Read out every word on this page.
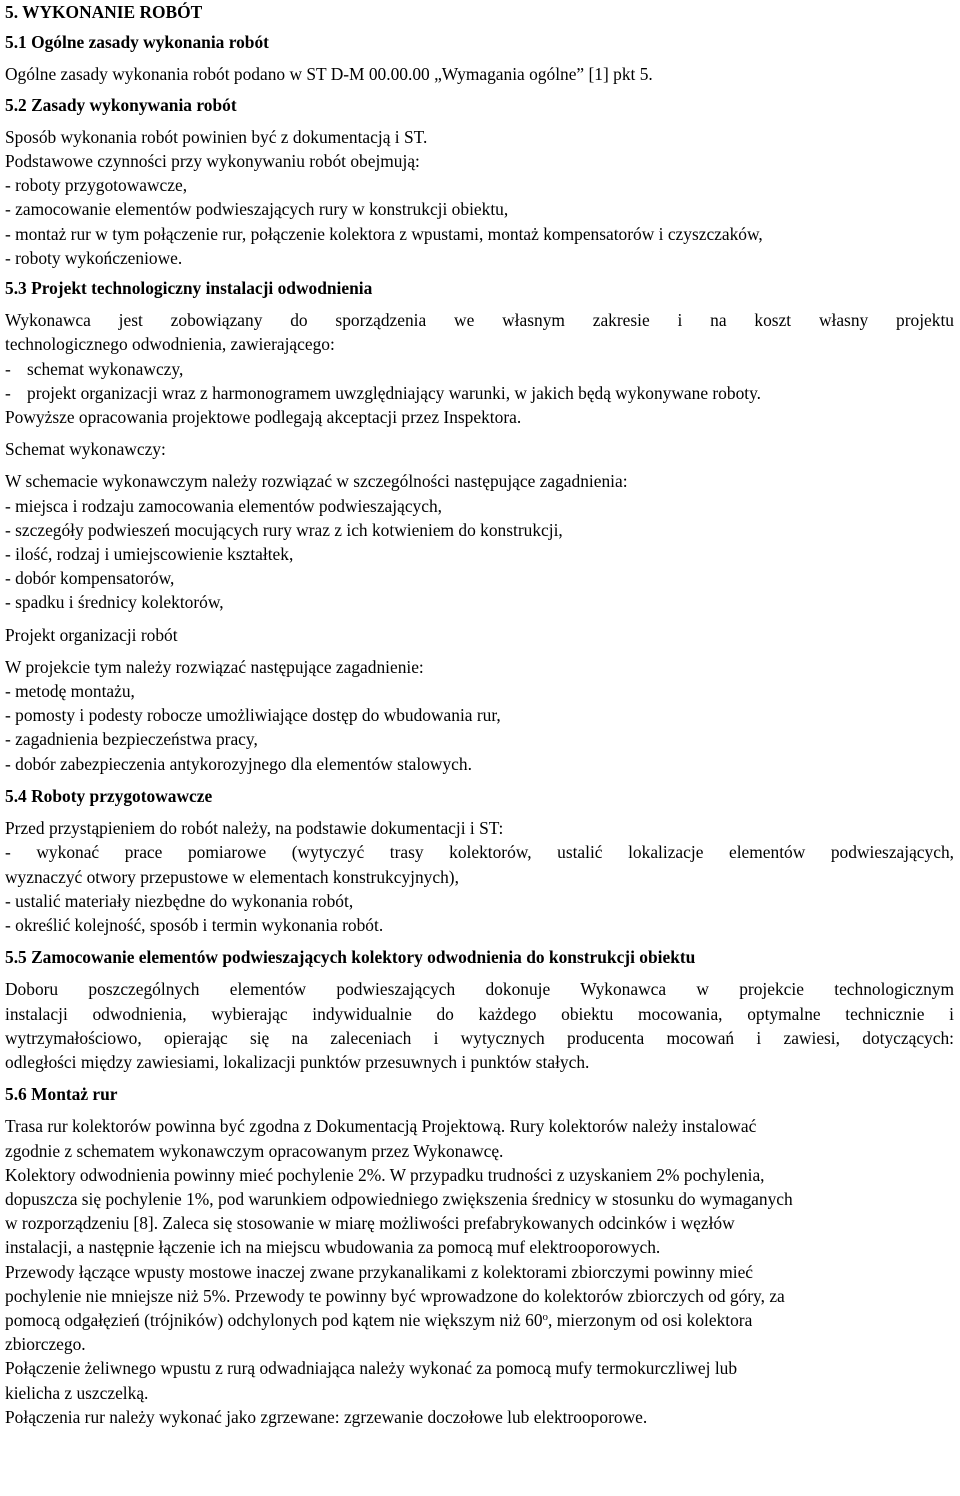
5. WYKONANIE ROBÓT
5.1 Ogólne zasady wykonania robót

Ogólne zasady wykonania robót podano w ST D-M 00.00.00 „Wymagania ogólne” [1] pkt 5.

5.2 Zasady wykonywania robót
Sposób wykonania robót powinien być z dokumentacją i ST.
Podstawowe czynności przy wykonywaniu robót obejmują:
- roboty przygotowawcze,
- zamocowanie elementów podwieszających rury w konstrukcji obiektu,
- montaż rur w tym połączenie rur, połączenie kolektora z wpustami, montaż kompensatorów i czyszczaków,
- roboty wykończeniowe.
5.3 Projekt technologiczny instalacji odwodnienia
Wykonawca jest zobowiązany do sporządzenia we własnym zakresie i na koszt własny projektu
technologicznego odwodnienia, zawierającego:
- schemat wykonawczy,
- projekt organizacji wraz z harmonogramem uwzględniający warunki, w jakich będą wykonywane roboty.
Powyższe opracowania projektowe podlegają akceptacji przez Inspektora.

Schemat wykonawczy:

W schemacie wykonawczym należy rozwiązać w szczególności następujące zagadnienia:
- miejsca i rodzaju zamocowania elementów podwieszających,
- szczegóły podwieszeń mocujących rury wraz z ich kotwieniem do konstrukcji,
- ilość, rodzaj i umiejscowienie kształtek,
- dobór kompensatorów,
- spadku i średnicy kolektorów,

Projekt organizacji robót

W projekcie tym należy rozwiązać następujące zagadnienie:
- metodę montażu,
- pomosty i podesty robocze umożliwiające dostęp do wbudowania rur,
- zagadnienia bezpieczeństwa pracy,
- dobór zabezpieczenia antykorozyjnego dla elementów stalowych.
5.4 Roboty przygotowawcze
Przed przystąpieniem do robót należy, na podstawie dokumentacji i ST:
- wykonać prace pomiarowe (wytyczyć trasy kolektorów, ustalić lokalizacje elementów podwieszających,
wyznaczyć otwory przepustowe w elementach konstrukcyjnych),
- ustalić materiały niezbędne do wykonania robót,
- określić kolejność, sposób i termin wykonania robót.
5.5 Zamocowanie elementów podwieszających kolektory odwodnienia do konstrukcji obiektu
Doboru poszczególnych elementów podwieszających dokonuje Wykonawca w projekcie technologicznym
instalacji odwodnienia, wybierając indywidualnie do każdego obiektu mocowania, optymalne technicznie i
wytrzymałościowo, opierając się na zaleceniach i wytycznych producenta mocowań i zawiesi, dotyczących:
odległości między zawiesiami, lokalizacji punktów przesuwnych i punktów stałych.
5.6 Montaż rur
Trasa rur kolektorów powinna być zgodna z Dokumentacją Projektową. Rury kolektorów należy instalować
zgodnie z schematem wykonawczym opracowanym przez Wykonawcę.
Kolektory odwodnienia powinny mieć pochylenie 2%. W przypadku trudności z uzyskaniem 2% pochylenia,
dopuszcza się pochylenie 1%, pod warunkiem odpowiedniego zwiększenia średnicy w stosunku do wymaganych
w rozporządzeniu [8]. Zaleca się stosowanie w miarę możliwości prefabrykowanych odcinków i węzłów
instalacji, a następnie łączenie ich na miejscu wbudowania za pomocą muf elektrooporowych.
Przewody łączące wpusty mostowe inaczej zwane przykanalikami z kolektorami zbiorczymi powinny mieć
pochylenie nie mniejsze niż 5%. Przewody te powinny być wprowadzone do kolektorów zbiorczych od góry, za
pomocą odgałęzień (trójników) odchylonych pod kątem nie większym niż 60$^o$, mierzonym od osi kolektora
zbiorczego.
Połączenie żeliwnego wpustu z rurą odwadniająca należy wykonać za pomocą mufy termokurczliwej lub
kielicha z uszczelką.
Połączenia rur należy wykonać jako zgrzewane: zgrzewanie doczołowe lub elektrooporowe.
